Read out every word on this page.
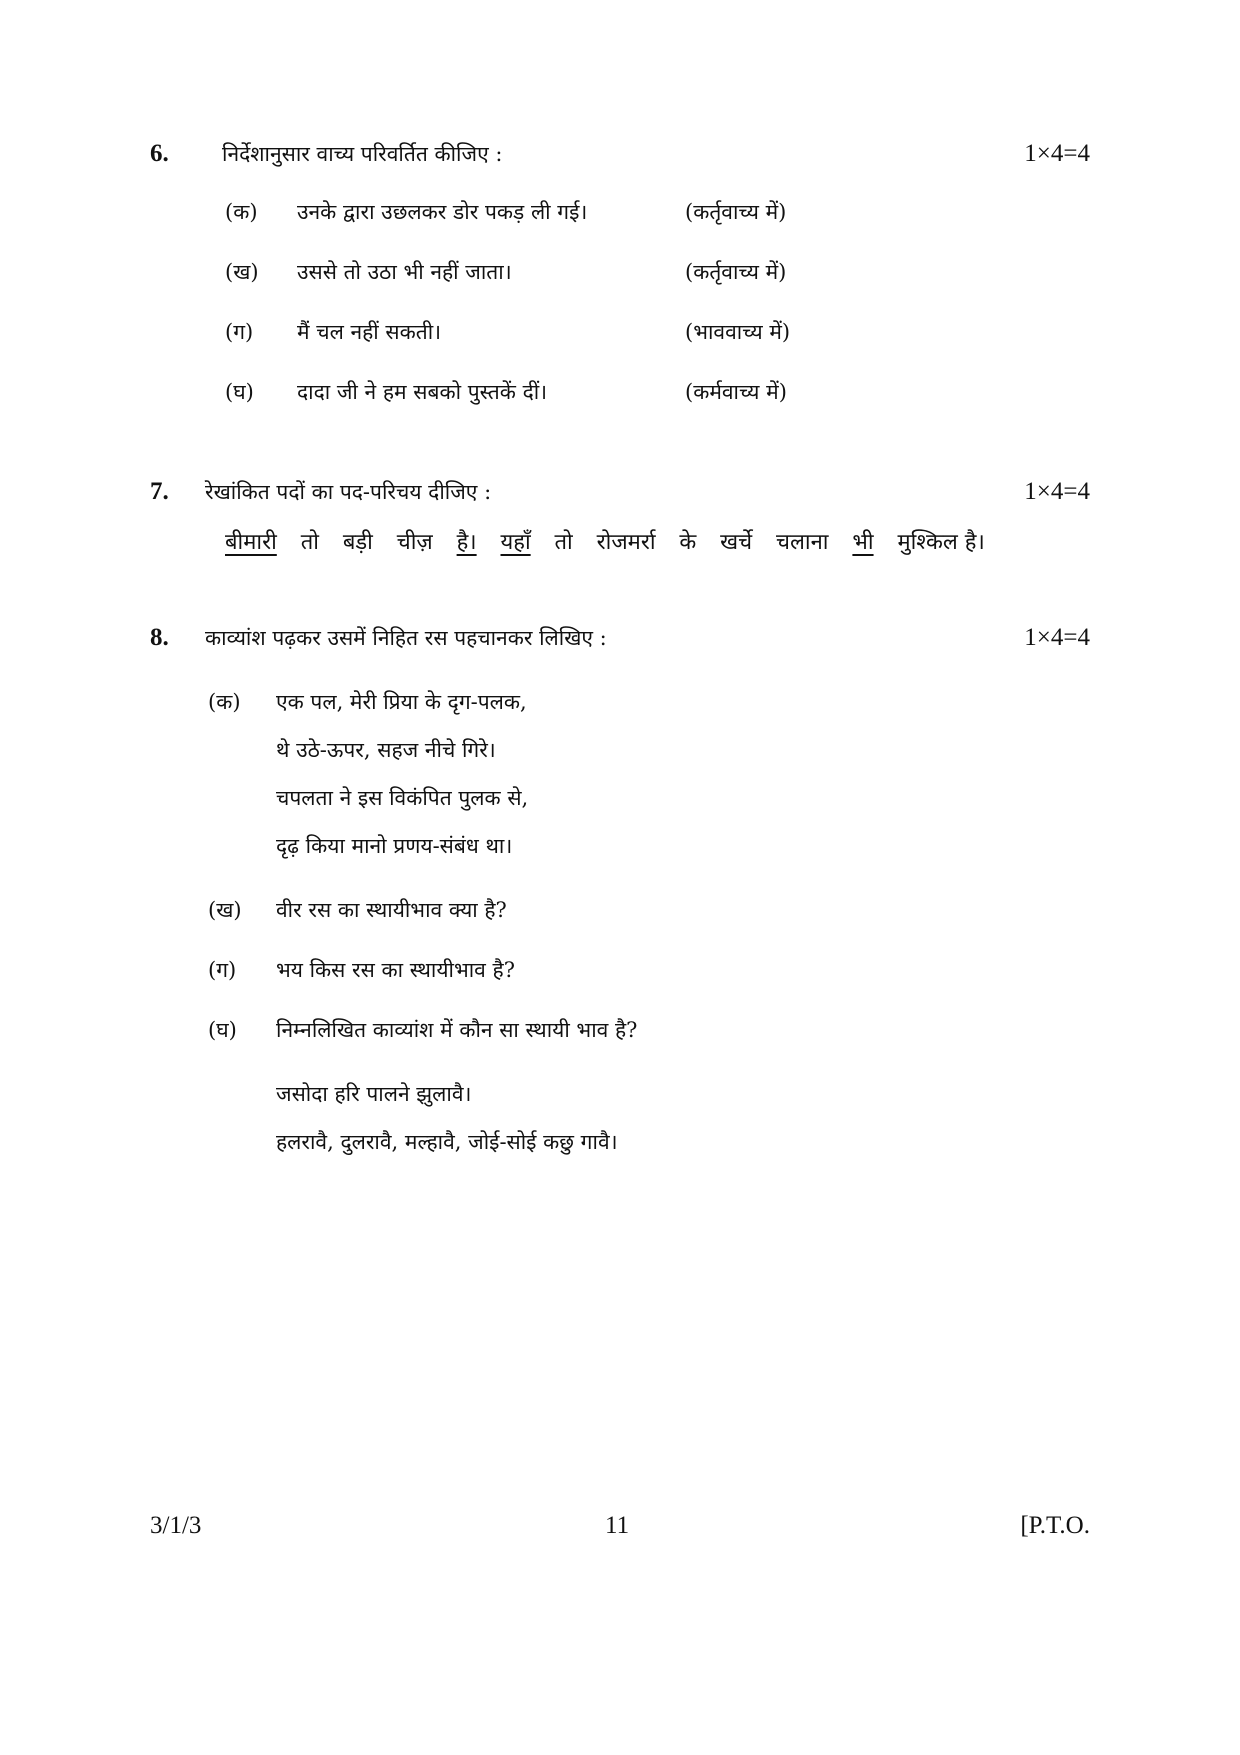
6.	निर्देशानुसार वाच्य परिवर्तित कीजिए :	1×4=4
(क) उनके द्वारा उछलकर डोर पकड़ ली गई।	(कर्तृवाच्य में)
(ख) उससे तो उठा भी नहीं जाता।	(कर्तृवाच्य में)
(ग) मैं चल नहीं सकती।	(भाववाच्य में)
(घ) दादा जी ने हम सबको पुस्तकें दीं।	(कर्मवाच्य में)
7. रेखांकित पदों का पद-परिचय दीजिए :	1×4=4
बीमारी तो बड़ी चीज़ है। यहाँ तो रोजमर्रा के खर्चे चलाना भी मुश्किल है।
8. काव्यांश पढ़कर उसमें निहित रस पहचानकर लिखिए :	1×4=4
(क) एक पल, मेरी प्रिया के दृग-पलक,
थे उठे-ऊपर, सहज नीचे गिरे।
चपलता ने इस विकंपित पुलक से,
दृढ़ किया मानो प्रणय-संबंध था।
(ख) वीर रस का स्थायीभाव क्या है?
(ग) भय किस रस का स्थायीभाव है?
(घ) निम्नलिखित काव्यांश में कौन सा स्थायी भाव है?
जसोदा हरि पालने झुलावै।
हलरावै, दुलरावै, मल्हावै, जोई-सोई कछु गावै।
3/1/3	11	[P.T.O.
